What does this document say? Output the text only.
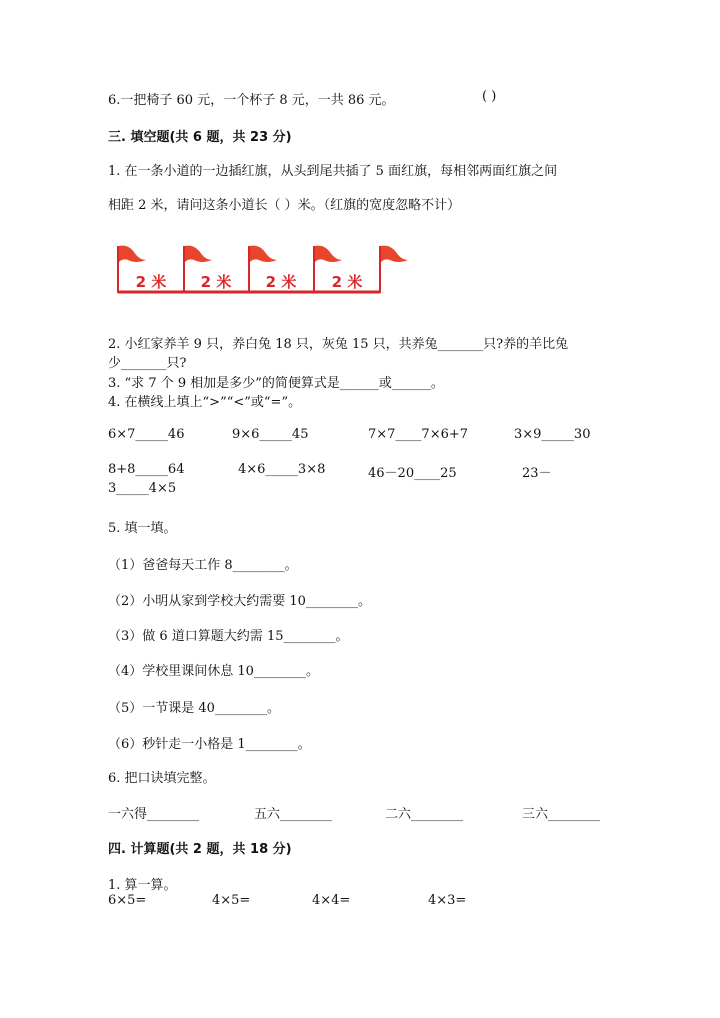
6.一把椅子 60 元，一个杯子 8 元，一共 86 元。	( )
三. 填空题(共 6 题，共 23 分)
1. 在一条小道的一边插红旗，从头到尾共插了 5 面红旗，每相邻两面红旗之间
相距 2 米，请问这条小道长（ ）米。（红旗的宽度忽略不计）
2 米 2 米 2 米 2 米
2. 小红家养羊 9 只，养白兔 18 只，灰兔 15 只，共养兔_______只?养的羊比兔
少_______只?
3. “求 7 个 9 相加是多少”的简便算式是______或______。
4. 在横线上填上“>”“<”或“=”。
6×7_____46	9×6_____45	7×7____7×6+7	3×9_____30
8+8_____64	4×6_____3×8	46－20____25	23－
3_____4×5
5. 填一填。
（1）爸爸每天工作 8________。
（2）小明从家到学校大约需要 10________。
（3）做 6 道口算题大约需 15________。
（4）学校里课间休息 10________。
（5）一节课是 40________。
（6）秒针走一小格是 1________。
6. 把口诀填完整。
一六得________	五六________	二六________	三六________
四. 计算题(共 2 题，共 18 分)
1. 算一算。
6×5=	4×5=	4×4=	4×3=
